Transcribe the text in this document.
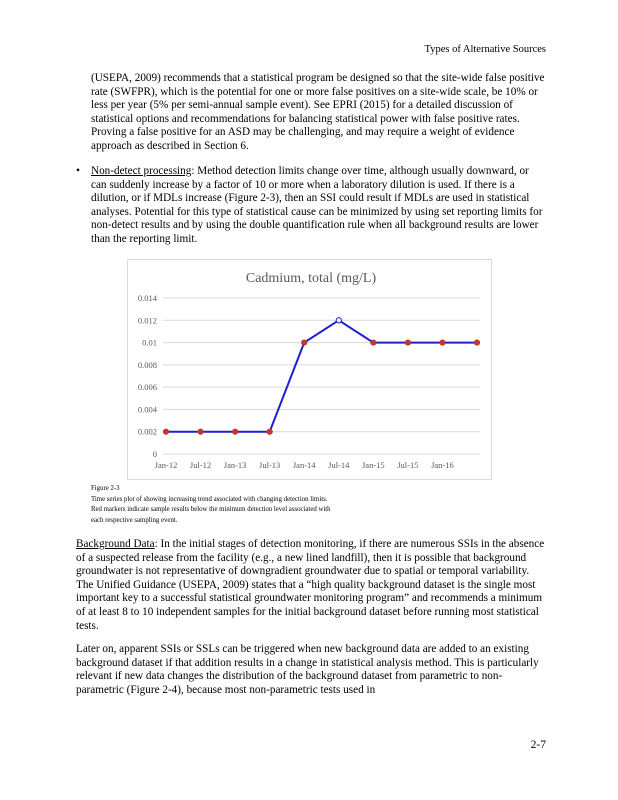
Types of Alternative Sources

(USEPA, 2009) recommends that a statistical program be designed so that the site-wide false positive rate (SWFPR), which is the potential for one or more false positives on a site-wide scale, be 10% or less per year (5% per semi-annual sample event). See EPRI (2015) for a detailed discussion of statistical options and recommendations for balancing statistical power with false positive rates. Proving a false positive for an ASD may be challenging, and may require a weight of evidence approach as described in Section 6.

• Non-detect processing: Method detection limits change over time, although usually downward, or can suddenly increase by a factor of 10 or more when a laboratory dilution is used. If there is a dilution, or if MDLs increase (Figure 2-3), then an SSI could result if MDLs are used in statistical analyses. Potential for this type of statistical cause can be minimized by using set reporting limits for non-detect results and by using the double quantification rule when all background results are lower than the reporting limit.

Cadmium, total (mg/L)
0
0.002
0.004
0.006
0.008
0.01
0.012
0.014
Jan-12 Jul-12 Jan-13 Jul-13 Jan-14 Jul-14 Jan-15 Jul-15 Jan-16
Figure 2-3
Time series plot of showing increasing trend associated with changing detection limits.
Red markers indicate sample results below the minimum detection level associated with
each respective sampling event.

Background Data: In the initial stages of detection monitoring, if there are numerous SSIs in the absence of a suspected release from the facility (e.g., a new lined landfill), then it is possible that background groundwater is not representative of downgradient groundwater due to spatial or temporal variability. The Unified Guidance (USEPA, 2009) states that a “high quality background dataset is the single most important key to a successful statistical groundwater monitoring program” and recommends a minimum of at least 8 to 10 independent samples for the initial background dataset before running most statistical tests.

Later on, apparent SSIs or SSLs can be triggered when new background data are added to an existing background dataset if that addition results in a change in statistical analysis method. This is particularly relevant if new data changes the distribution of the background dataset from parametric to non-parametric (Figure 2-4), because most non-parametric tests used in

2-7
